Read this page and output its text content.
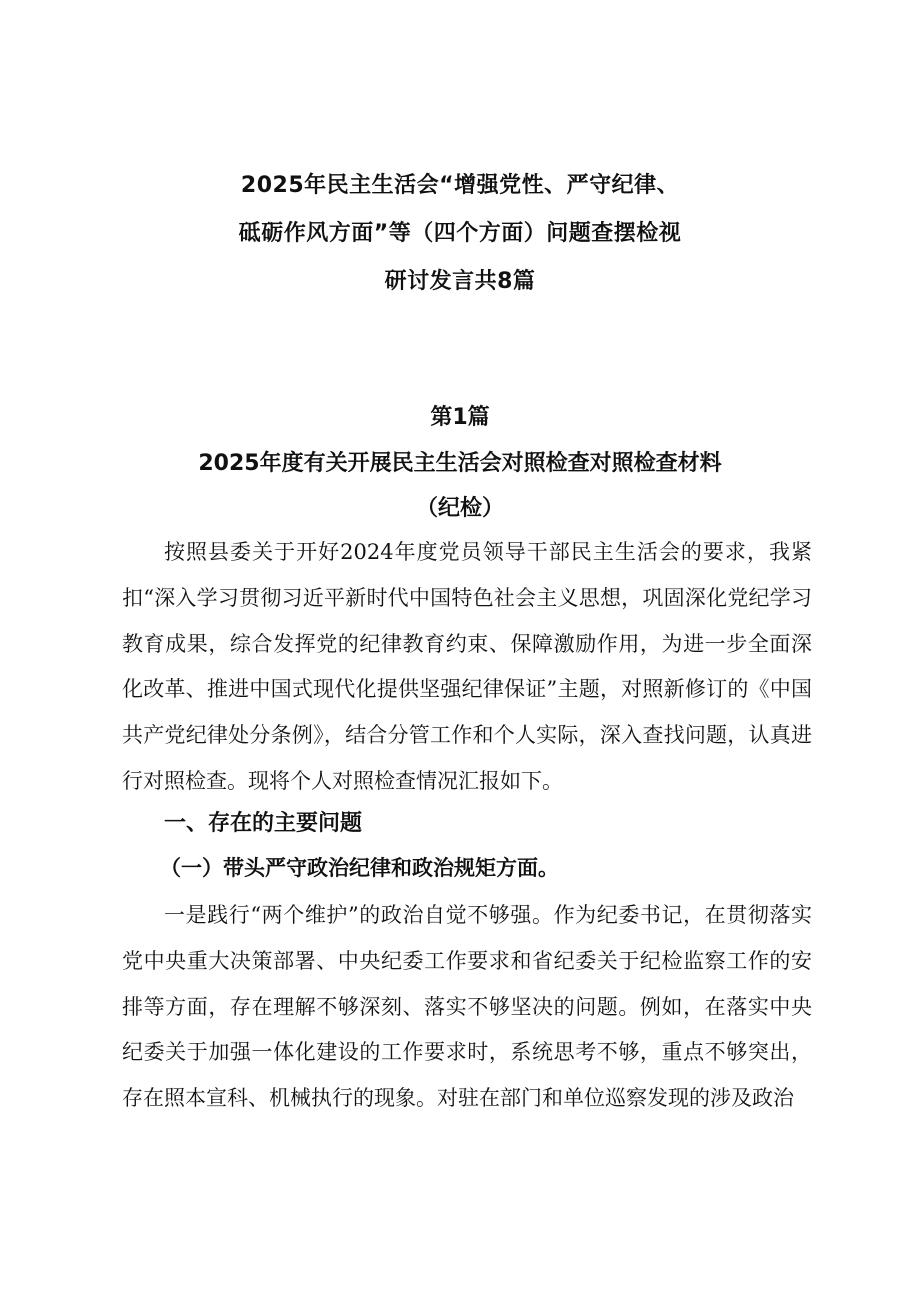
2025年民主生活会“增强党性、严守纪律、
砥砺作风方面”等（四个方面）问题查摆检视
研讨发言共8篇
第1篇
2025年度有关开展民主生活会对照检查对照检查材料
（纪检）

按照县委关于开好2024年度党员领导干部民主生活会的要求，我紧扣“深入学习贯彻习近平新时代中国特色社会主义思想，巩固深化党纪学习教育成果，综合发挥党的纪律教育约束、保障激励作用，为进一步全面深化改革、推进中国式现代化提供坚强纪律保证”主题，对照新修订的《中国共产党纪律处分条例》，结合分管工作和个人实际，深入查找问题，认真进行对照检查。现将个人对照检查情况汇报如下。

一、存在的主要问题
（一）带头严守政治纪律和政治规矩方面。

一是践行“两个维护”的政治自觉不够强。作为纪委书记，在贯彻落实党中央重大决策部署、中央纪委工作要求和省纪委关于纪检监察工作的安排等方面，存在理解不够深刻、落实不够坚决的问题。例如，在落实中央纪委关于加强一体化建设的工作要求时，系统思考不够，重点不够突出，存在照本宣科、机械执行的现象。对驻在部门和单位巡察发现的涉及政治
